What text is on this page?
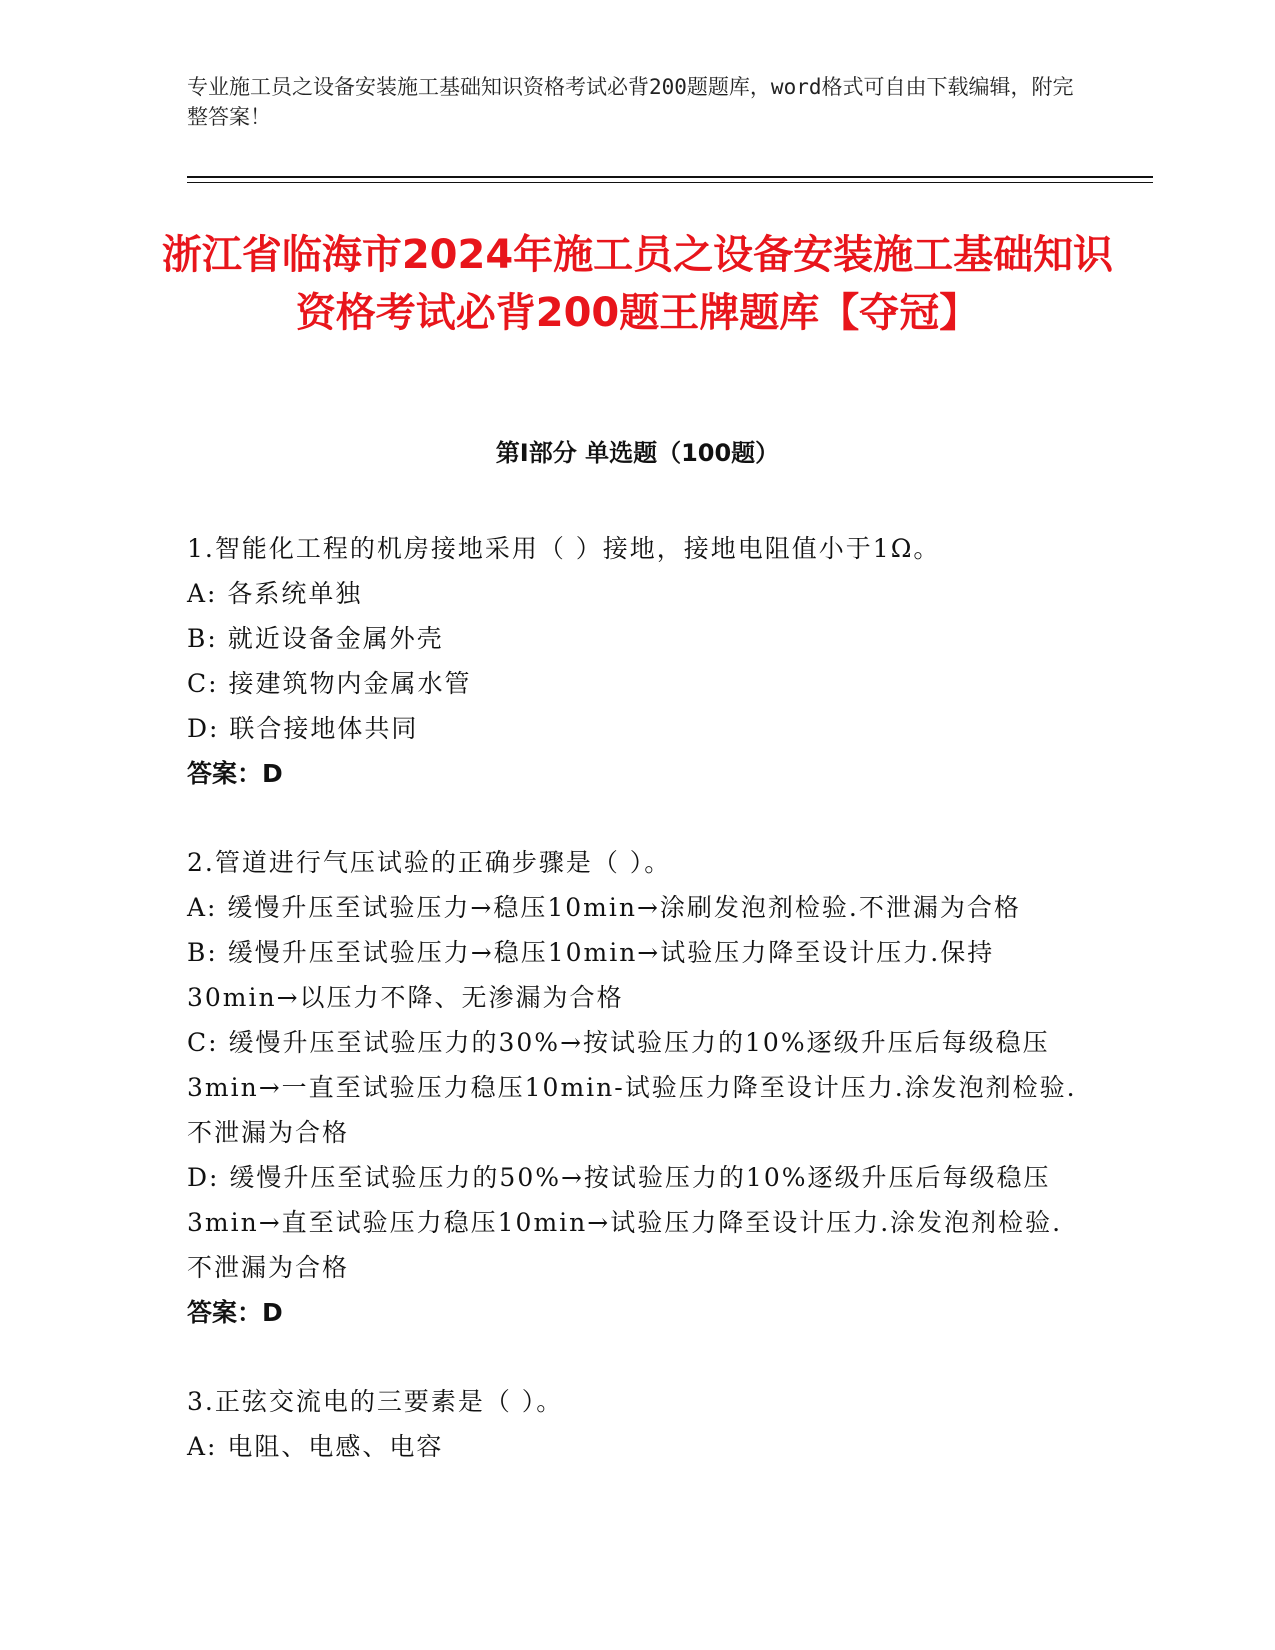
专业施工员之设备安装施工基础知识资格考试必背200题题库，word格式可自由下载编辑，附完整答案！
浙江省临海市2024年施工员之设备安装施工基础知识资格考试必背200题王牌题库【夺冠】
第I部分 单选题（100题）
1.智能化工程的机房接地采用（ ）接地，接地电阻值小于1Ω。
A: 各系统单独
B: 就近设备金属外壳
C: 接建筑物内金属水管
D: 联合接地体共同
答案：D
2.管道进行气压试验的正确步骤是（ ）。
A: 缓慢升压至试验压力→稳压10min→涂刷发泡剂检验.不泄漏为合格
B: 缓慢升压至试验压力→稳压10min→试验压力降至设计压力.保持30min→以压力不降、无渗漏为合格
C: 缓慢升压至试验压力的30%→按试验压力的10%逐级升压后每级稳压3min→一直至试验压力稳压10min-试验压力降至设计压力.涂发泡剂检验.不泄漏为合格
D: 缓慢升压至试验压力的50%→按试验压力的10%逐级升压后每级稳压3min→直至试验压力稳压10min→试验压力降至设计压力.涂发泡剂检验.不泄漏为合格
答案：D
3.正弦交流电的三要素是（ ）。
A: 电阻、电感、电容
